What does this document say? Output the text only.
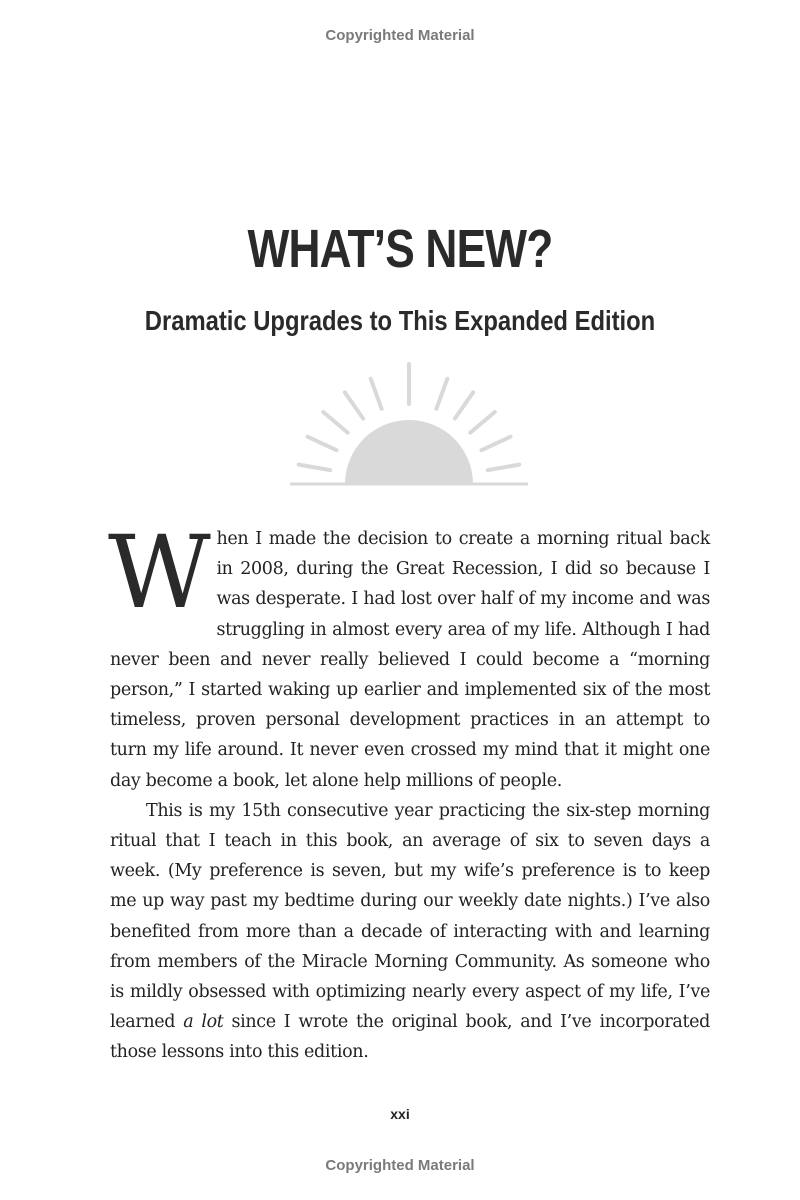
Copyrighted Material
WHAT’S NEW?
Dramatic Upgrades to This Expanded Edition

When I made the decision to create a morning ritual back in 2008, during the Great Recession, I did so because I was desperate. I had lost over half of my income and was struggling in almost every area of my life. Although I had never been and never really believed I could become a “morning person,” I started waking up earlier and implemented six of the most timeless, proven personal development practices in an attempt to turn my life around. It never even crossed my mind that it might one day become a book, let alone help millions of people.

This is my 15th consecutive year practicing the six-step morning ritual that I teach in this book, an average of six to seven days a week. (My preference is seven, but my wife’s preference is to keep me up way past my bedtime during our weekly date nights.) I’ve also benefited from more than a decade of interacting with and learning from members of the Miracle Morning Community. As someone who is mildly obsessed with optimizing nearly every aspect of my life, I’ve learned a lot since I wrote the original book, and I’ve incorporated those lessons into this edition.

xxi
Copyrighted Material
